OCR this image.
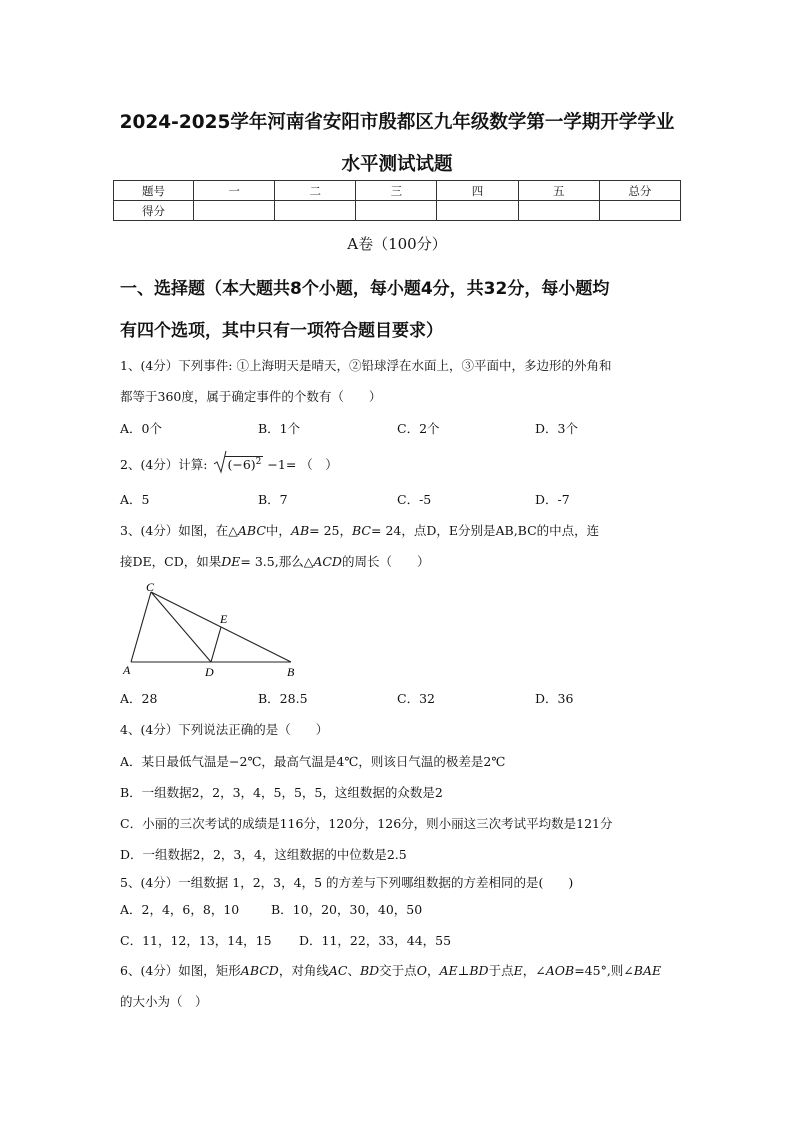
2024-2025学年河南省安阳市殷都区九年级数学第一学期开学学业
水平测试试题
题号	一	二	三	四	五	总分
得分						
A卷（100分）
一、选择题（本大题共8个小题，每小题4分，共32分，每小题均
有四个选项，其中只有一项符合题目要求）
1、(4分）下列事件: ①上海明天是晴天，②铅球浮在水面上，③平面中，多边形的外角和
都等于360度，属于确定事件的个数有（　　）
A．0个	B．1个	C．2个	D．3个
2、(4分）计算: $(-6)^2 -1=$ （　）
A．5	B．7	C．-5	D．-7
3、(4分）如图，在△ABC中，AB= 25，BC= 24，点D，E分别是AB,BC的中点，连
接DE，CD，如果DE= 3.5,那么△ACD的周长（　　）
C
E
A	D	B
A．28	B．28.5	C．32	D．36
4、(4分）下列说法正确的是（　　）
A．某日最低气温是−2℃，最高气温是4℃，则该日气温的极差是2℃
B．一组数据2，2，3，4，5，5，5，这组数据的众数是2
C．小丽的三次考试的成绩是116分，120分，126分，则小丽这三次考试平均数是121分
D．一组数据2，2，3，4，这组数据的中位数是2.5
5、(4分）一组数据 1，2，3，4，5 的方差与下列哪组数据的方差相同的是(　　)
A．2，4，6，8，10	B．10，20，30，40，50
C．11，12，13，14，15 D．11，22，33，44，55
6、(4分）如图，矩形ABCD，对角线AC、BD交于点O，AE⊥BD于点E，∠AOB=45°,则∠BAE
的大小为（　）
